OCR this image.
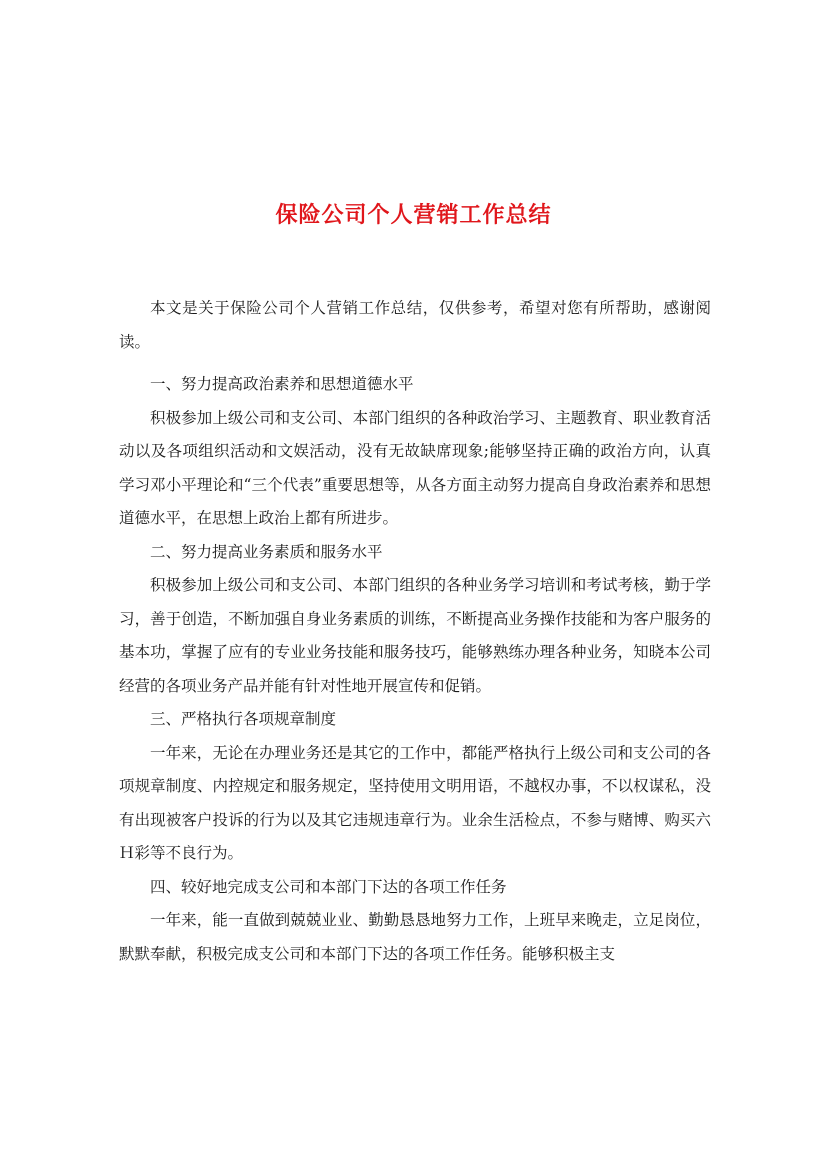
保险公司个人营销工作总结

本文是关于保险公司个人营销工作总结，仅供参考，希望对您有所帮助，感谢阅读。

一、努力提高政治素养和思想道德水平

积极参加上级公司和支公司、本部门组织的各种政治学习、主题教育、职业教育活动以及各项组织活动和文娱活动，没有无故缺席现象;能够坚持正确的政治方向，认真学习邓小平理论和“三个代表”重要思想等，从各方面主动努力提高自身政治素养和思想道德水平，在思想上政治上都有所进步。

二、努力提高业务素质和服务水平

积极参加上级公司和支公司、本部门组织的各种业务学习培训和考试考核，勤于学习，善于创造，不断加强自身业务素质的训练，不断提高业务操作技能和为客户服务的基本功，掌握了应有的专业业务技能和服务技巧，能够熟练办理各种业务，知晓本公司经营的各项业务产品并能有针对性地开展宣传和促销。

三、严格执行各项规章制度

一年来，无论在办理业务还是其它的工作中，都能严格执行上级公司和支公司的各项规章制度、内控规定和服务规定，坚持使用文明用语，不越权办事，不以权谋私，没有出现被客户投诉的行为以及其它违规违章行为。业余生活检点，不参与赌博、购买六Ｈ彩等不良行为。

四、较好地完成支公司和本部门下达的各项工作任务

一年来，能一直做到兢兢业业、勤勤恳恳地努力工作，上班早来晚走，立足岗位，默默奉献，积极完成支公司和本部门下达的各项工作任务。能够积极主支
